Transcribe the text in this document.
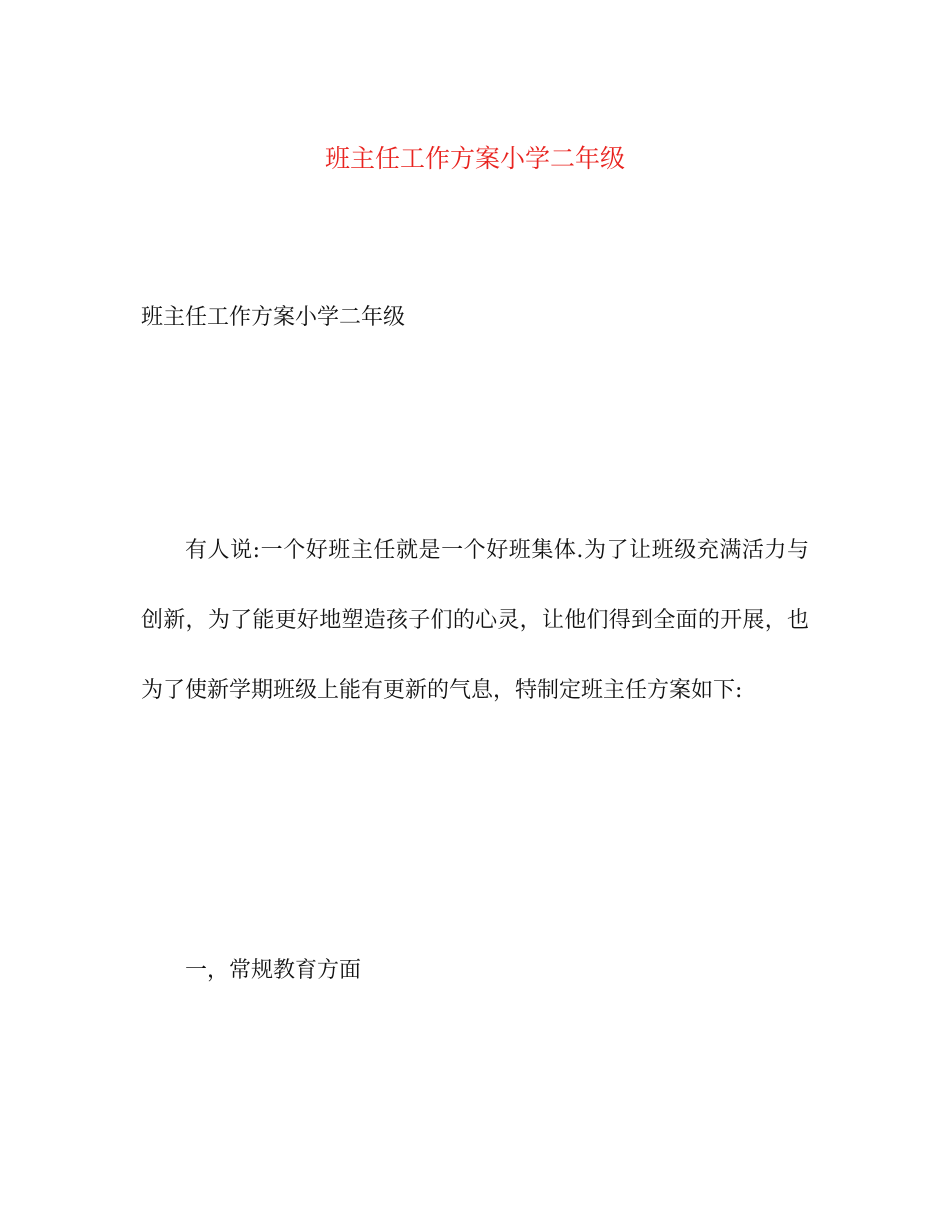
班主任工作方案小学二年级
班主任工作方案小学二年级
有人说:一个好班主任就是一个好班集体.为了让班级充满活力与创新，为了能更好地塑造孩子们的心灵，让他们得到全面的开展，也为了使新学期班级上能有更新的气息，特制定班主任方案如下:
一，常规教育方面
